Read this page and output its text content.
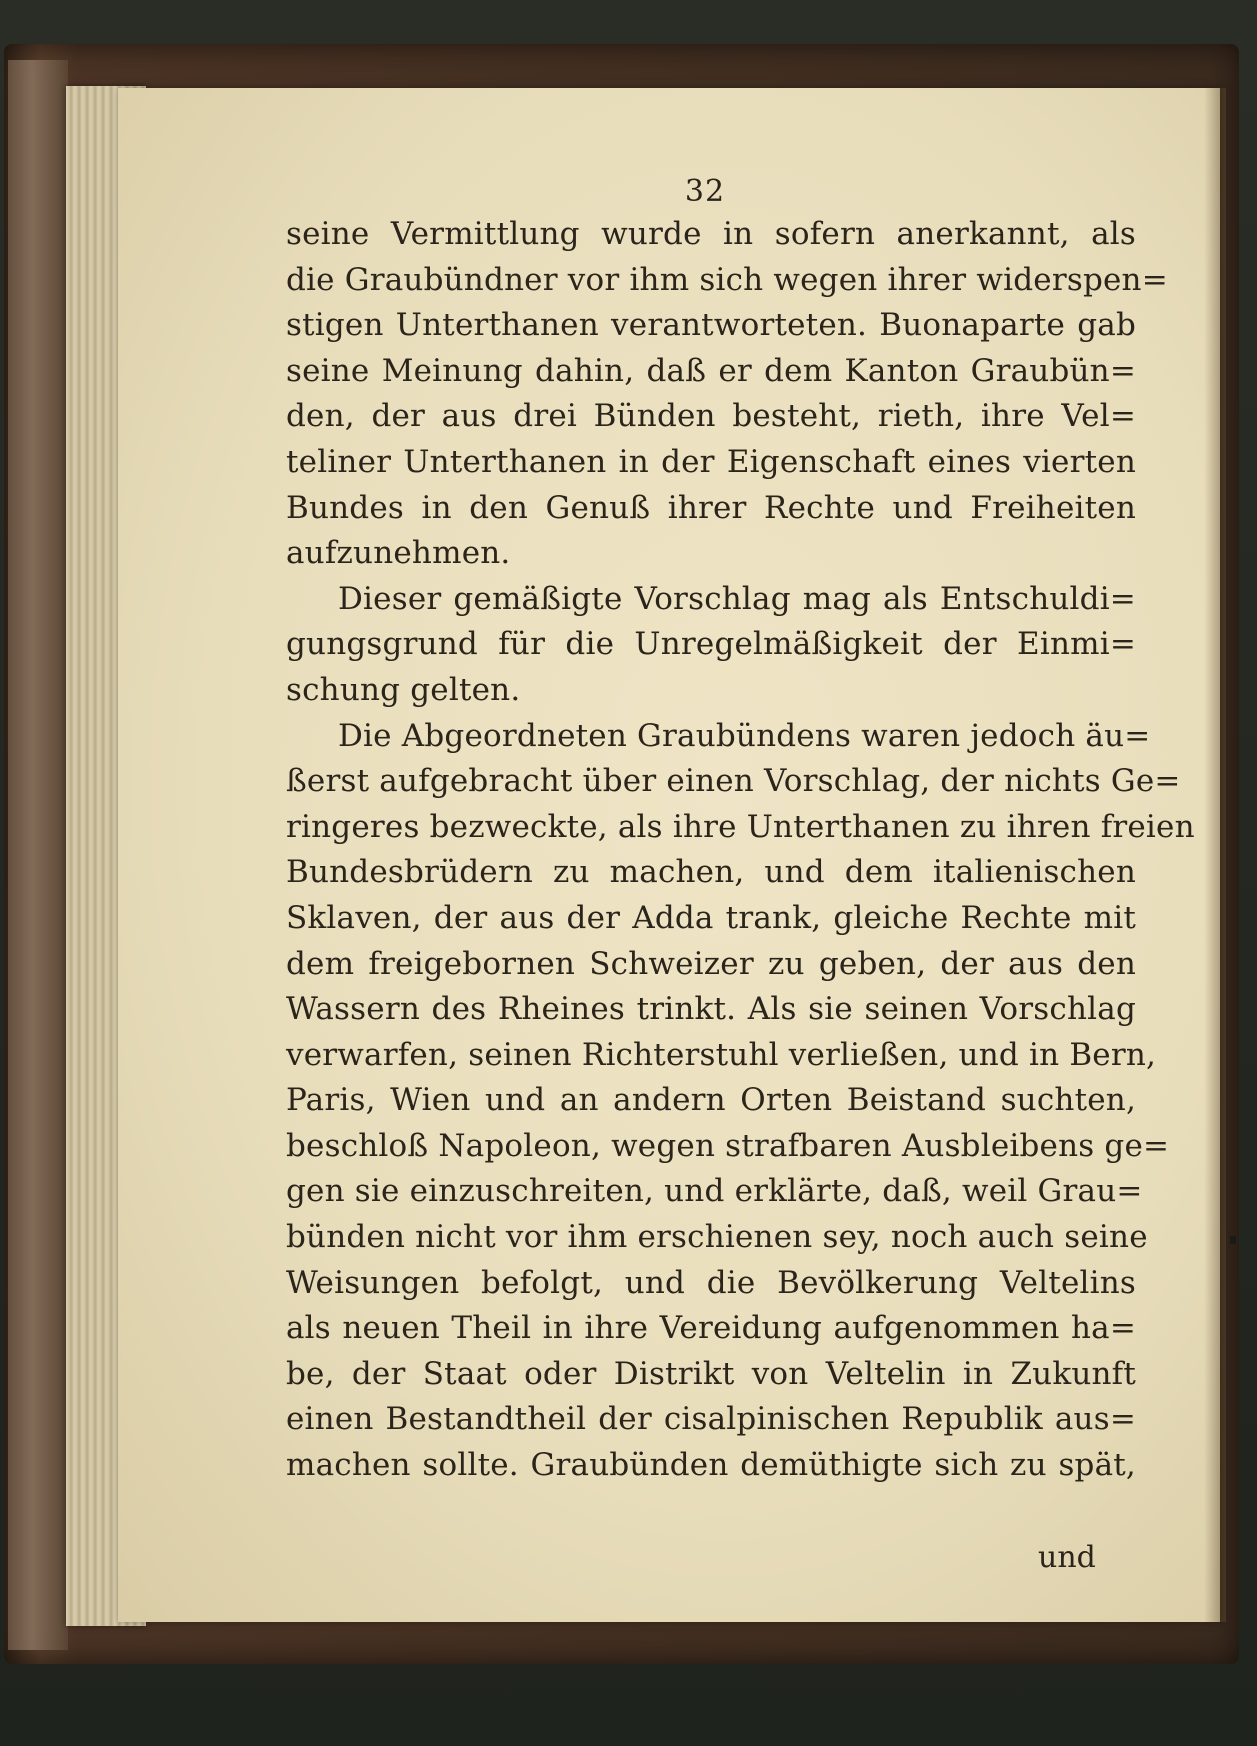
32
seine Vermittlung wurde in sofern anerkannt, als
die Graubündner vor ihm sich wegen ihrer widerspen=
stigen Unterthanen verantworteten. Buonaparte gab
seine Meinung dahin, daß er dem Kanton Graubün=
den, der aus drei Bünden besteht, rieth, ihre Vel=
teliner Unterthanen in der Eigenschaft eines vierten
Bundes in den Genuß ihrer Rechte und Freiheiten
aufzunehmen.
Dieser gemäßigte Vorschlag mag als Entschuldi=
gungsgrund für die Unregelmäßigkeit der Einmi=
schung gelten.
Die Abgeordneten Graubündens waren jedoch äu=
ßerst aufgebracht über einen Vorschlag, der nichts Ge=
ringeres bezweckte, als ihre Unterthanen zu ihren freien
Bundesbrüdern zu machen, und dem italienischen
Sklaven, der aus der Adda trank, gleiche Rechte mit
dem freigebornen Schweizer zu geben, der aus den
Wassern des Rheines trinkt. Als sie seinen Vorschlag
verwarfen, seinen Richterstuhl verließen, und in Bern,
Paris, Wien und an andern Orten Beistand suchten,
beschloß Napoleon, wegen strafbaren Ausbleibens ge=
gen sie einzuschreiten, und erklärte, daß, weil Grau=
bünden nicht vor ihm erschienen sey, noch auch seine
Weisungen befolgt, und die Bevölkerung Veltelins
als neuen Theil in ihre Vereidung aufgenommen ha=
be, der Staat oder Distrikt von Veltelin in Zukunft
einen Bestandtheil der cisalpinischen Republik aus=
machen sollte. Graubünden demüthigte sich zu spät,
und
